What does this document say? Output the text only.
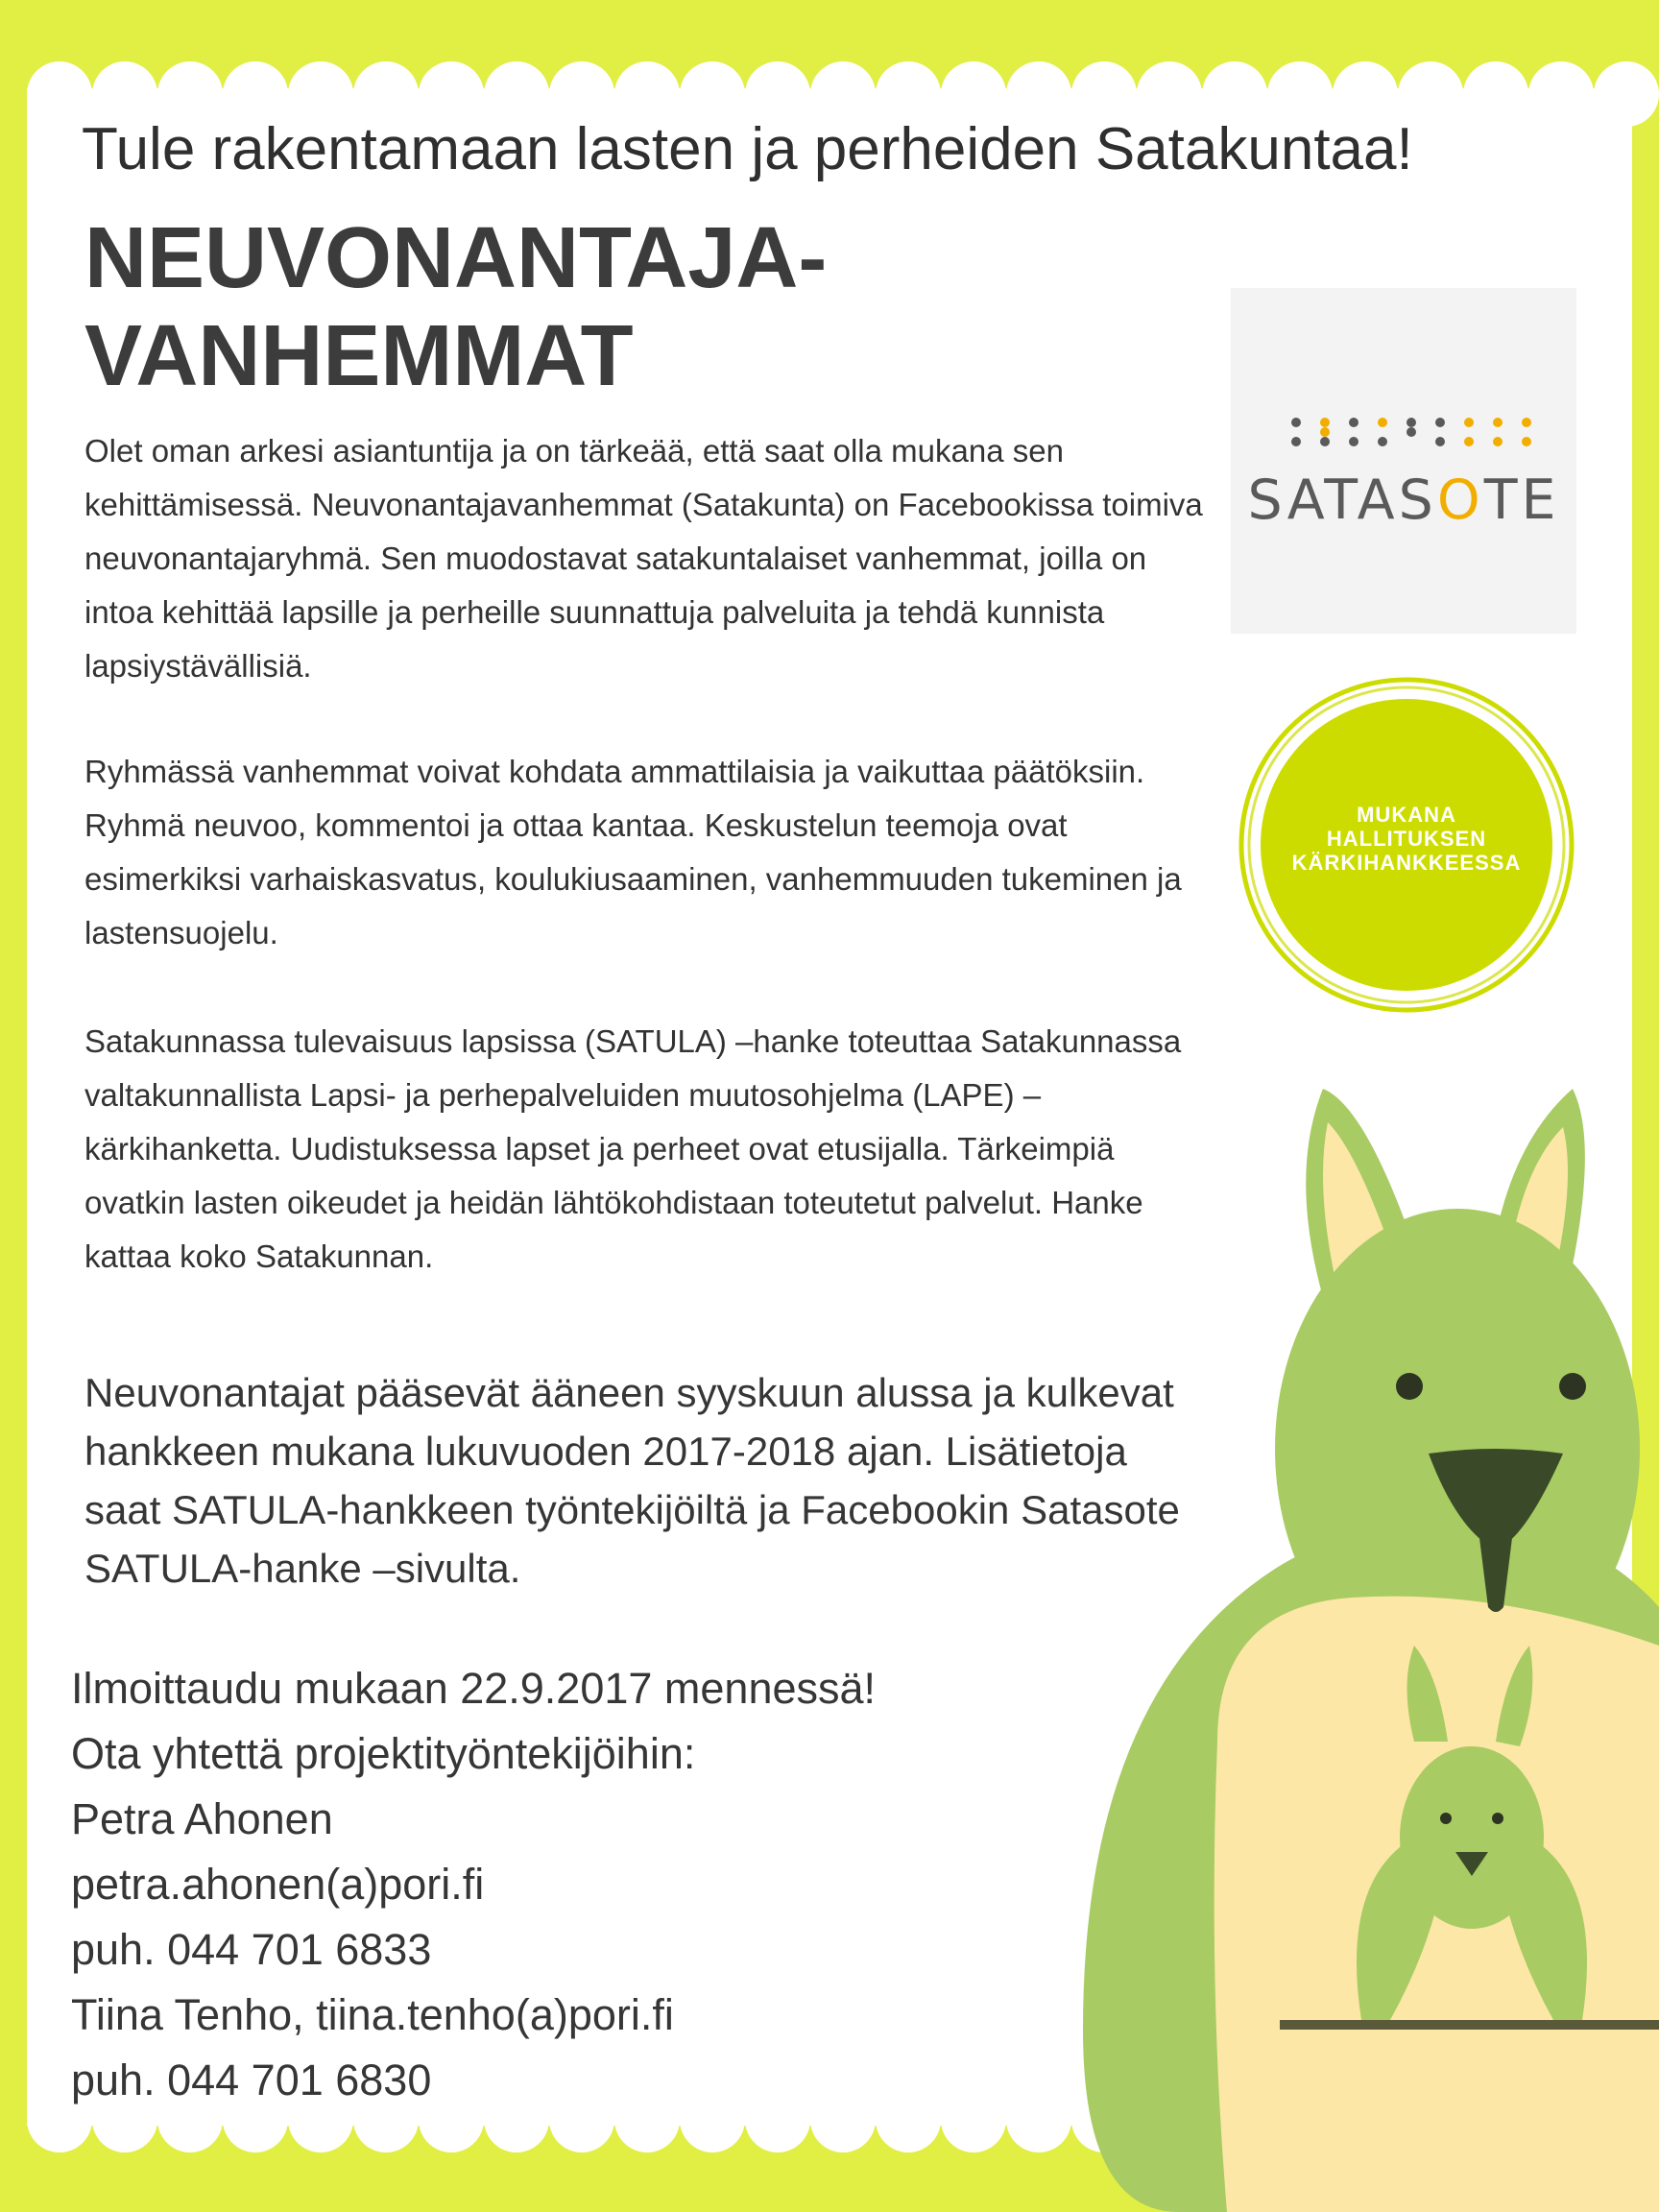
Tule rakentamaan lasten ja perheiden Satakuntaa!
NEUVONANTAJA-
VANHEMMAT

Olet oman arkesi asiantuntija ja on tärkeää, että saat olla mukana sen kehittämisessä. Neuvonantajavanhemmat (Satakunta) on Facebookissa toimiva neuvonantajaryhmä. Sen muodostavat satakuntalaiset vanhemmat, joilla on intoa kehittää lapsille ja perheille suunnattuja palveluita ja tehdä kunnista lapsiystävällisiä.

Ryhmässä vanhemmat voivat kohdata ammattilaisia ja vaikuttaa päätöksiin. Ryhmä neuvoo, kommentoi ja ottaa kantaa. Keskustelun teemoja ovat esimerkiksi varhaiskasvatus, koulukiusaaminen, vanhemmuuden tukeminen ja lastensuojelu.

Satakunnassa tulevaisuus lapsissa (SATULA) –hanke toteuttaa Satakunnassa valtakunnallista Lapsi- ja perhepalveluiden muutosohjelma (LAPE) –kärkihanketta. Uudistuksessa lapset ja perheet ovat etusijalla. Tärkeimpiä ovatkin lasten oikeudet ja heidän lähtökohdistaan toteutetut palvelut. Hanke kattaa koko Satakunnan.

Neuvonantajat pääsevät ääneen syyskuun alussa ja kulkevat hankkeen mukana lukuvuoden 2017-2018 ajan. Lisätietoja saat SATULA-hankkeen työntekijöiltä ja Facebookin Satasote SATULA-hanke –sivulta.

Ilmoittaudu mukaan 22.9.2017 mennessä!
Ota yhtettä projektityöntekijöihin:
Petra Ahonen
petra.ahonen(a)pori.fi
puh. 044 701 6833
Tiina Tenho, tiina.tenho(a)pori.fi
puh. 044 701 6830
SATASOTE
MUKANA
HALLITUKSEN
KÄRKIHANKKEESSA
